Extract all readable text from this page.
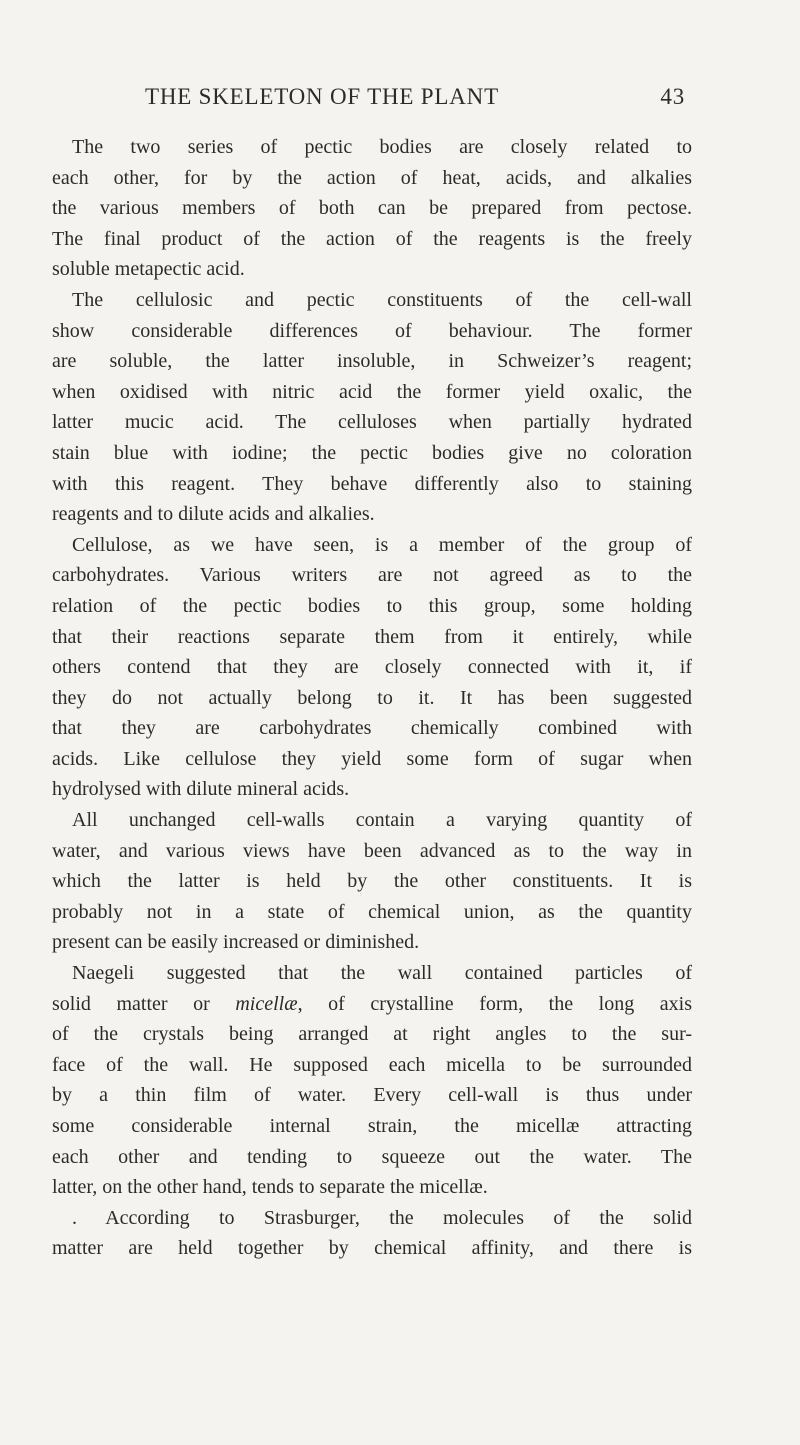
THE SKELETON OF THE PLANT	43
The two series of pectic bodies are closely related to
each other, for by the action of heat, acids, and alkalies
the various members of both can be prepared from pectose.
The final product of the action of the reagents is the freely
soluble metapectic acid.
The cellulosic and pectic constituents of the cell-wall
show considerable differences of behaviour. The former
are soluble, the latter insoluble, in Schweizer’s reagent;
when oxidised with nitric acid the former yield oxalic, the
latter mucic acid. The celluloses when partially hydrated
stain blue with iodine; the pectic bodies give no coloration
with this reagent. They behave differently also to staining
reagents and to dilute acids and alkalies.
Cellulose, as we have seen, is a member of the group of
carbohydrates. Various writers are not agreed as to the
relation of the pectic bodies to this group, some holding
that their reactions separate them from it entirely, while
others contend that they are closely connected with it, if
they do not actually belong to it. It has been suggested
that they are carbohydrates chemically combined with
acids. Like cellulose they yield some form of sugar when
hydrolysed with dilute mineral acids.
All unchanged cell-walls contain a varying quantity of
water, and various views have been advanced as to the way in
which the latter is held by the other constituents. It is
probably not in a state of chemical union, as the quantity
present can be easily increased or diminished.
Naegeli suggested that the wall contained particles of
solid matter or micellæ, of crystalline form, the long axis
of the crystals being arranged at right angles to the sur-
face of the wall. He supposed each micella to be surrounded
by a thin film of water. Every cell-wall is thus under
some considerable internal strain, the micellæ attracting
each other and tending to squeeze out the water. The
latter, on the other hand, tends to separate the micellæ.
. According to Strasburger, the molecules of the solid
matter are held together by chemical affinity, and there is
